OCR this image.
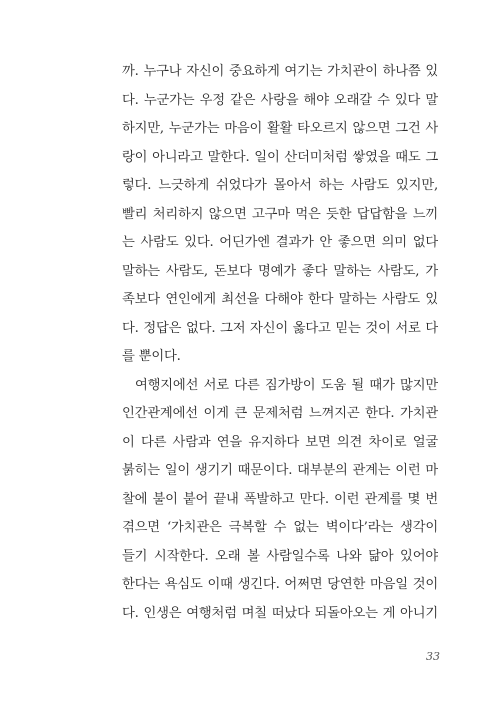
까. 누구나 자신이 중요하게 여기는 가치관이 하나쯤 있
다. 누군가는 우정 같은 사랑을 해야 오래갈 수 있다 말
하지만, 누군가는 마음이 활활 타오르지 않으면 그건 사
랑이 아니라고 말한다. 일이 산더미처럼 쌓였을 때도 그
렇다. 느긋하게 쉬었다가 몰아서 하는 사람도 있지만,
빨리 처리하지 않으면 고구마 먹은 듯한 답답함을 느끼
는 사람도 있다. 어딘가엔 결과가 안 좋으면 의미 없다
말하는 사람도, 돈보다 명예가 좋다 말하는 사람도, 가
족보다 연인에게 최선을 다해야 한다 말하는 사람도 있
다. 정답은 없다. 그저 자신이 옳다고 믿는 것이 서로 다
를 뿐이다.
여행지에선 서로 다른 짐가방이 도움 될 때가 많지만
인간관계에선 이게 큰 문제처럼 느껴지곤 한다. 가치관
이 다른 사람과 연을 유지하다 보면 의견 차이로 얼굴
붉히는 일이 생기기 때문이다. 대부분의 관계는 이런 마
찰에 불이 붙어 끝내 폭발하고 만다. 이런 관계를 몇 번
겪으면 ‘가치관은 극복할 수 없는 벽이다’라는 생각이
들기 시작한다. 오래 볼 사람일수록 나와 닮아 있어야
한다는 욕심도 이때 생긴다. 어쩌면 당연한 마음일 것이
다. 인생은 여행처럼 며칠 떠났다 되돌아오는 게 아니기
33
